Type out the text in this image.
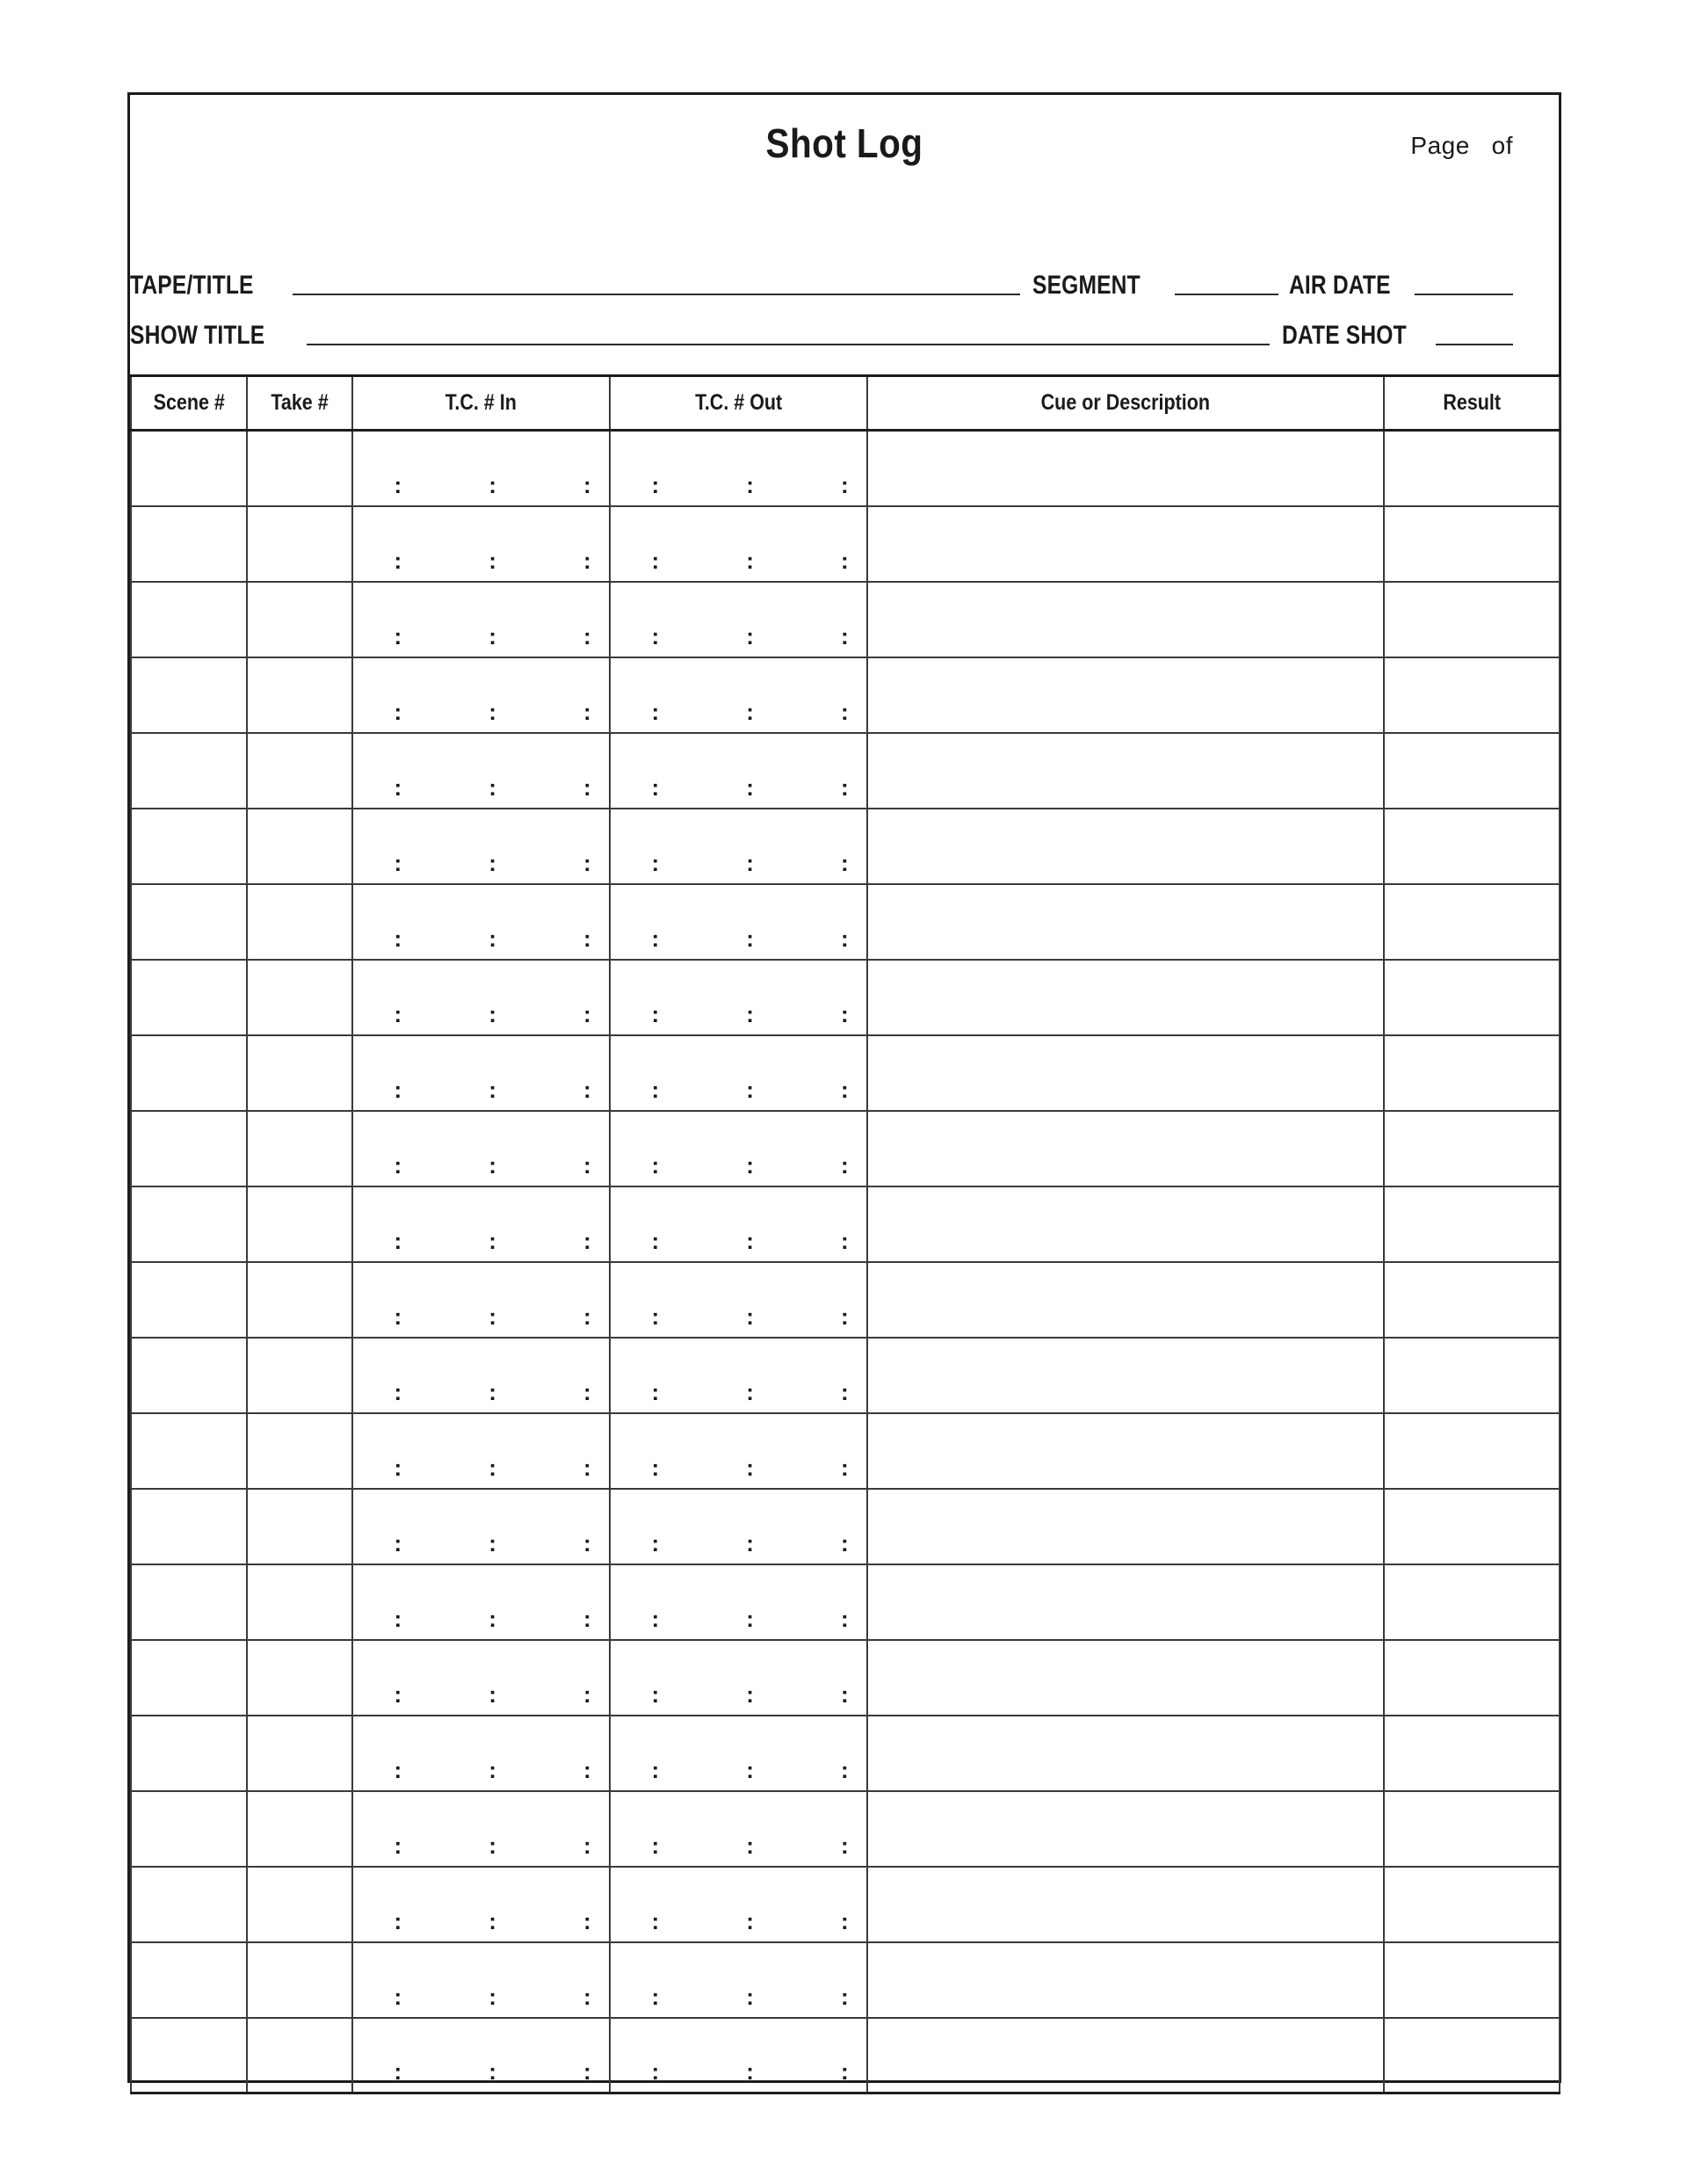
Shot Log	Page   of
TAPE/TITLE	SEGMENT	AIR DATE
SHOW TITLE	DATE SHOT
Scene #	Take #	T.C. # In	T.C. # Out	Cue or Description	Result

		: : :	: : :		

		: : :	: : :		

		: : :	: : :		

		: : :	: : :		

		: : :	: : :		

		: : :	: : :		

		: : :	: : :		

		: : :	: : :		

		: : :	: : :		

		: : :	: : :		

		: : :	: : :		

		: : :	: : :		

		: : :	: : :		

		: : :	: : :		

		: : :	: : :		

		: : :	: : :		

		: : :	: : :		

		: : :	: : :		

		: : :	: : :		

		: : :	: : :		

		: : :	: : :		

		: : :	: : :		
